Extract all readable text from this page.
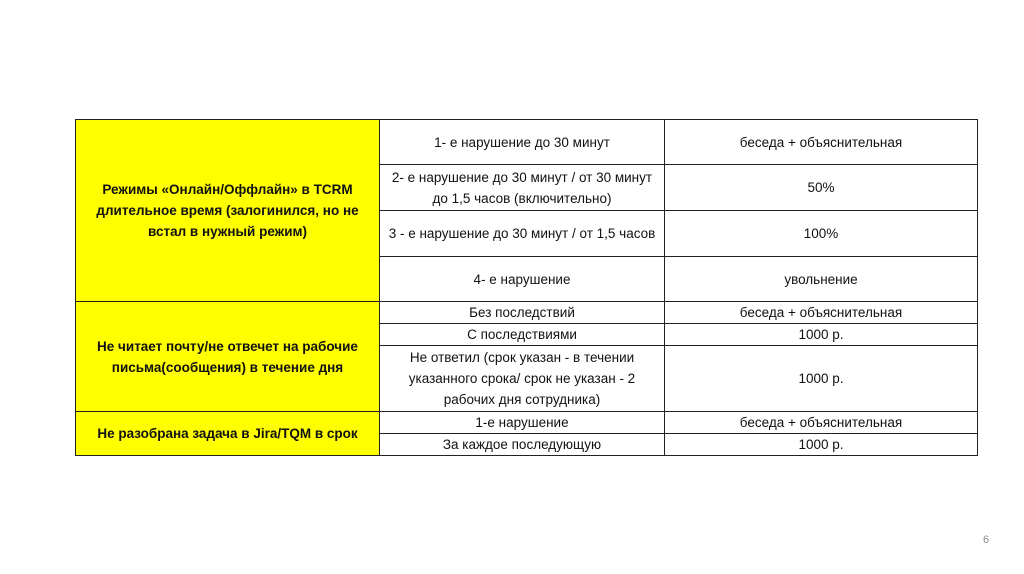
Режимы «Онлайн/Оффлайн» в TCRM длительное время (залогинился, но не встал в нужный режим)	1- е нарушение до 30 минут	беседа + объяснительная
	2- е нарушение до 30 минут / от 30 минут до 1,5 часов (включительно)	50%
	3 - е нарушение до 30 минут / от 1,5 часов	100%
	4- е нарушение	увольнение
Не читает почту/не отвечет на рабочие письма(сообщения) в течение дня	Без последствий	беседа + объяснительная
	С последствиями	1000 р.
	Не ответил (срок указан - в течении указанного срока/ срок не указан - 2 рабочих дня сотрудника)	1000 р.
Не разобрана задача в Jira/TQM в срок	1-е нарушение	беседа + объяснительная
	За каждое последующую	1000 р.
6
